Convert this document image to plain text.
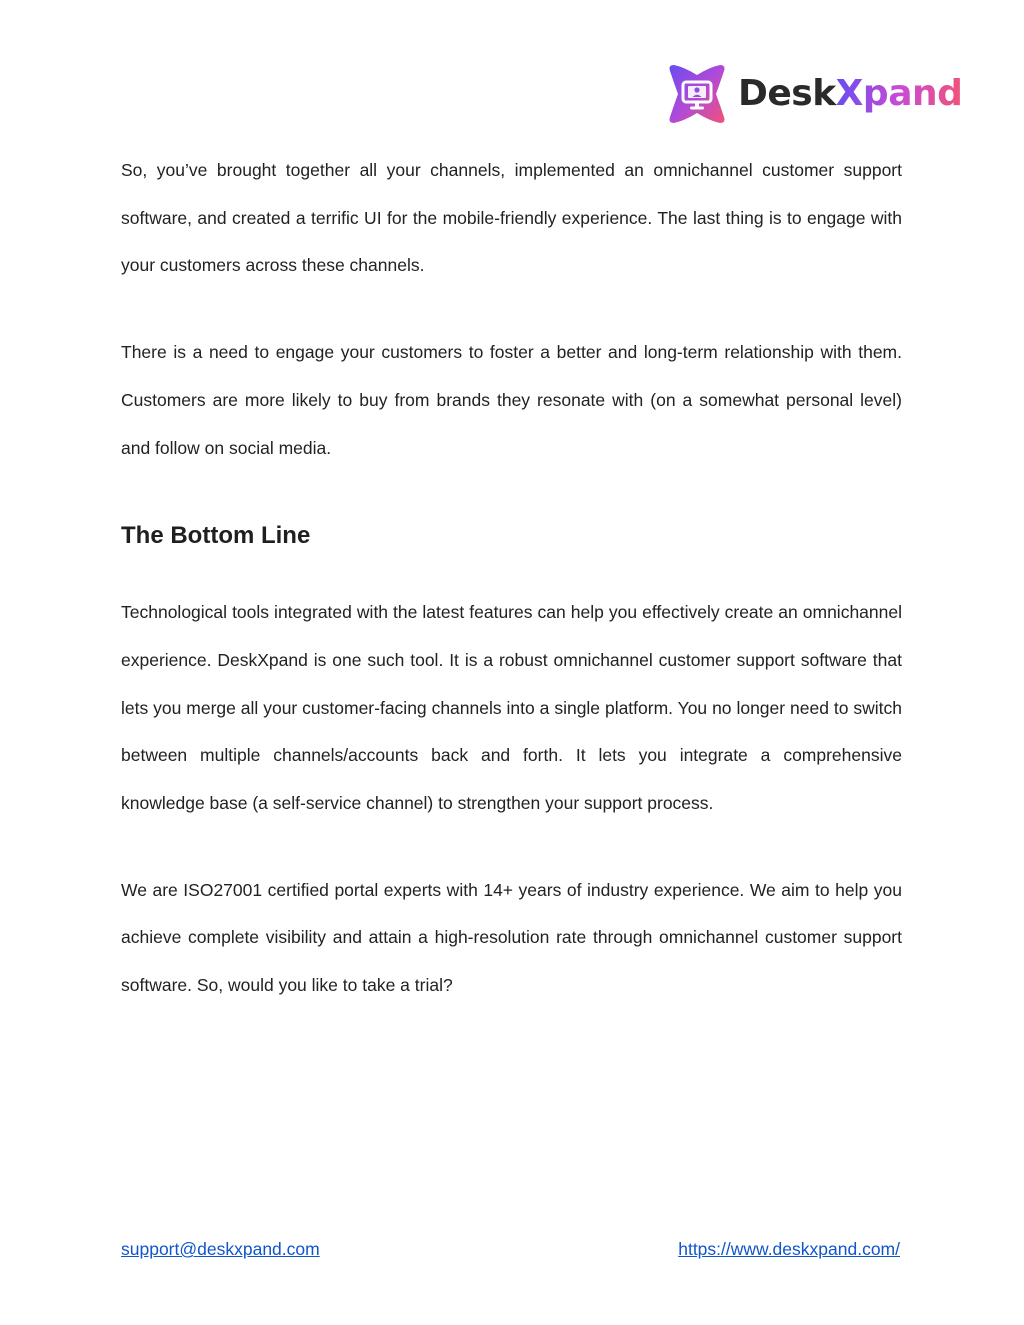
DeskXpand

So, you’ve brought together all your channels, implemented an omnichannel customer support software, and created a terrific UI for the mobile-friendly experience. The last thing is to engage with your customers across these channels.

There is a need to engage your customers to foster a better and long-term relationship with them. Customers are more likely to buy from brands they resonate with (on a somewhat personal level) and follow on social media.

The Bottom Line

Technological tools integrated with the latest features can help you effectively create an omnichannel experience. DeskXpand is one such tool. It is a robust omnichannel customer support software that lets you merge all your customer-facing channels into a single platform. You no longer need to switch between multiple channels/accounts back and forth. It lets you integrate a comprehensive knowledge base (a self-service channel) to strengthen your support process.

We are ISO27001 certified portal experts with 14+ years of industry experience. We aim to help you achieve complete visibility and attain a high-resolution rate through omnichannel customer support software. So, would you like to take a trial?

support@deskxpand.com	https://www.deskxpand.com/
